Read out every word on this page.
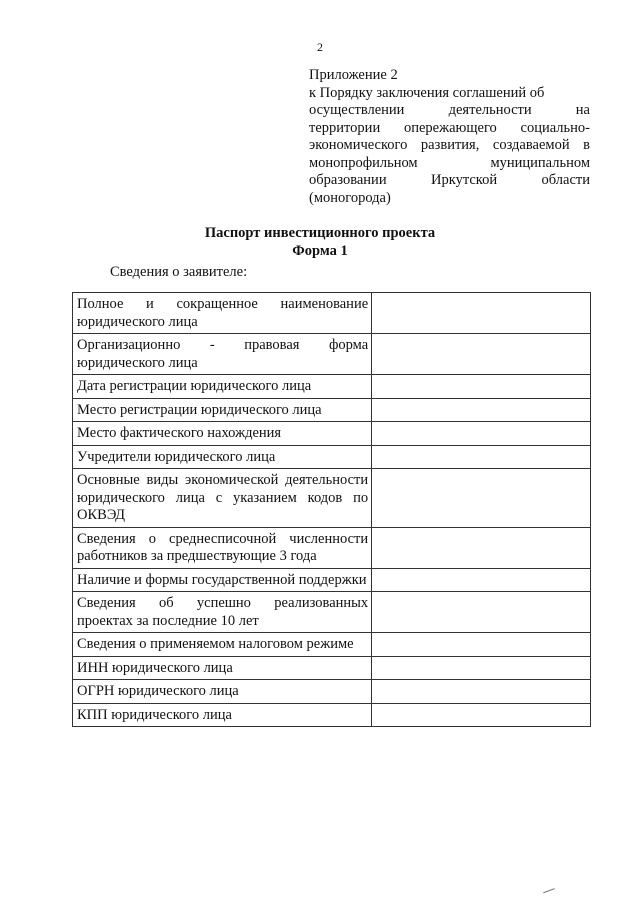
2
Приложение 2
к Порядку заключения соглашений об
осуществлении деятельности на
территории опережающего социально-
экономического развития, создаваемой в
монопрофильном муниципальном
образовании Иркутской области
(моногорода)
Паспорт инвестиционного проекта
Форма 1
Сведения о заявителе:
Полное и сокращенное наименование юридического лица	
Организационно - правовая форма юридического лица	
Дата регистрации юридического лица	
Место регистрации юридического лица	
Место фактического нахождения	
Учредители юридического лица	
Основные виды экономической деятельности юридического лица с указанием кодов по ОКВЭД	
Сведения о среднесписочной численности работников за предшествующие 3 года	
Наличие и формы государственной поддержки	
Сведения об успешно реализованных проектах за последние 10 лет	
Сведения о применяемом налоговом режиме	
ИНН юридического лица	
ОГРН юридического лица	
КПП юридического лица	
